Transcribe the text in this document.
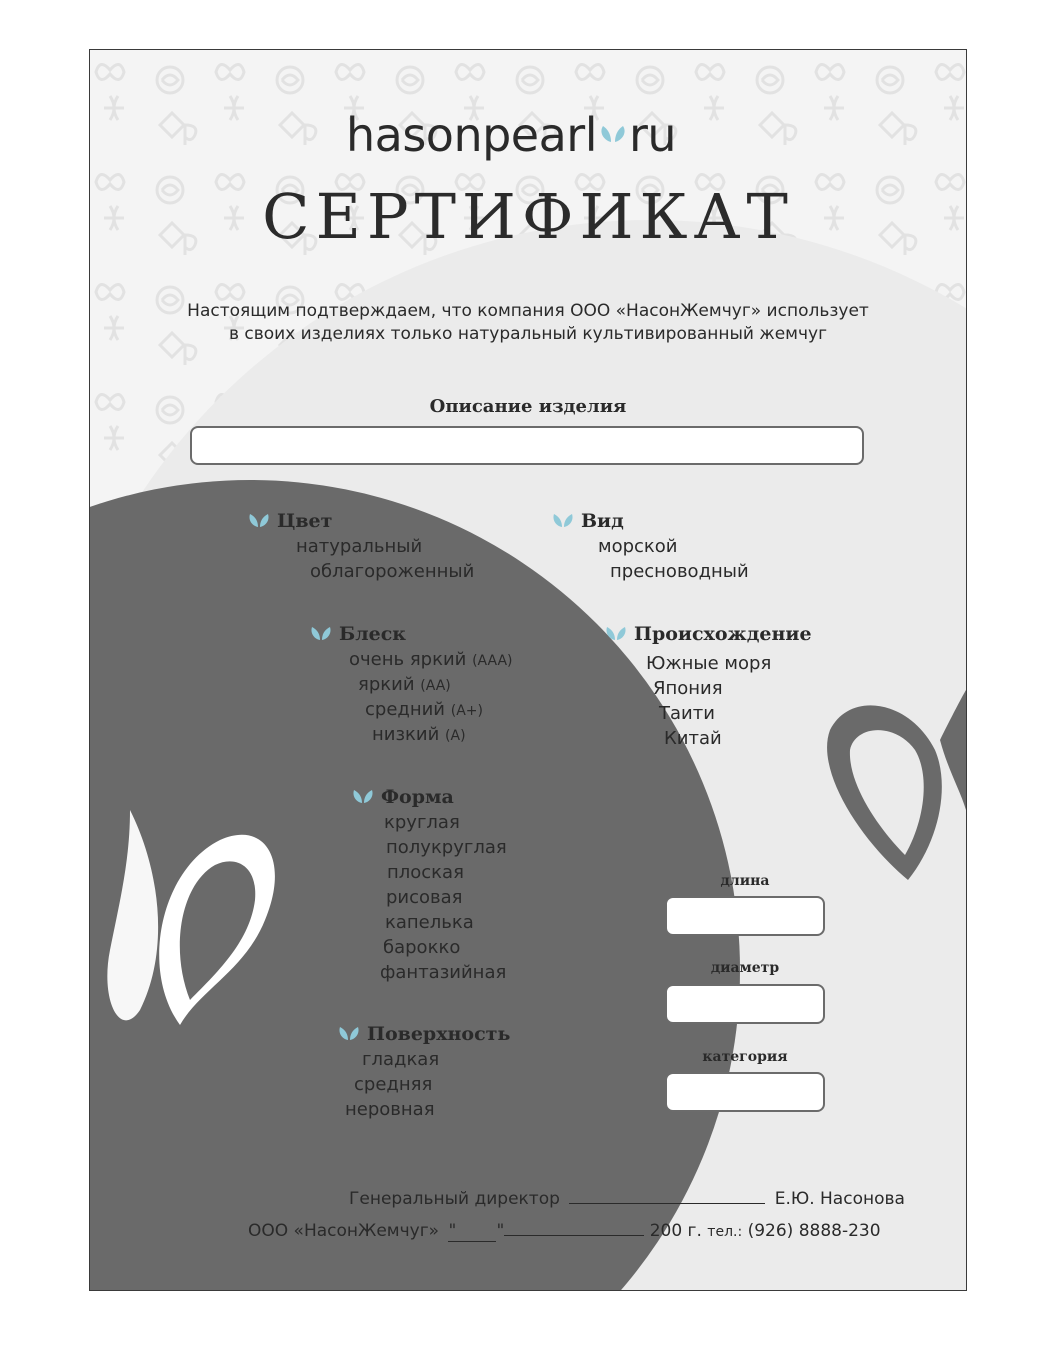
hasonpearl ru
СЕРТИФИКАТ
Настоящим подтверждаем, что компания ООО «НасонЖемчуг» использует
в своих изделиях только натуральный культивированный жемчуг
Описание изделия
Цвет
натуральный
облагороженный
Вид
морской
пресноводный
Блеск
очень яркий (AAA)
яркий (AA)
средний (A+)
низкий (A)
Происхождение
Южные моря
Япония
Таити
Китай
Форма
круглая
полукруглая
плоская
рисовая
капелька
барокко
фантазийная
Поверхность
гладкая
средняя
неровная
длина
диаметр
категория
Генеральный директор	Е.Ю. Насонова
ООО «НасонЖемчуг» " "	200 г. тел.: (926) 8888-230
